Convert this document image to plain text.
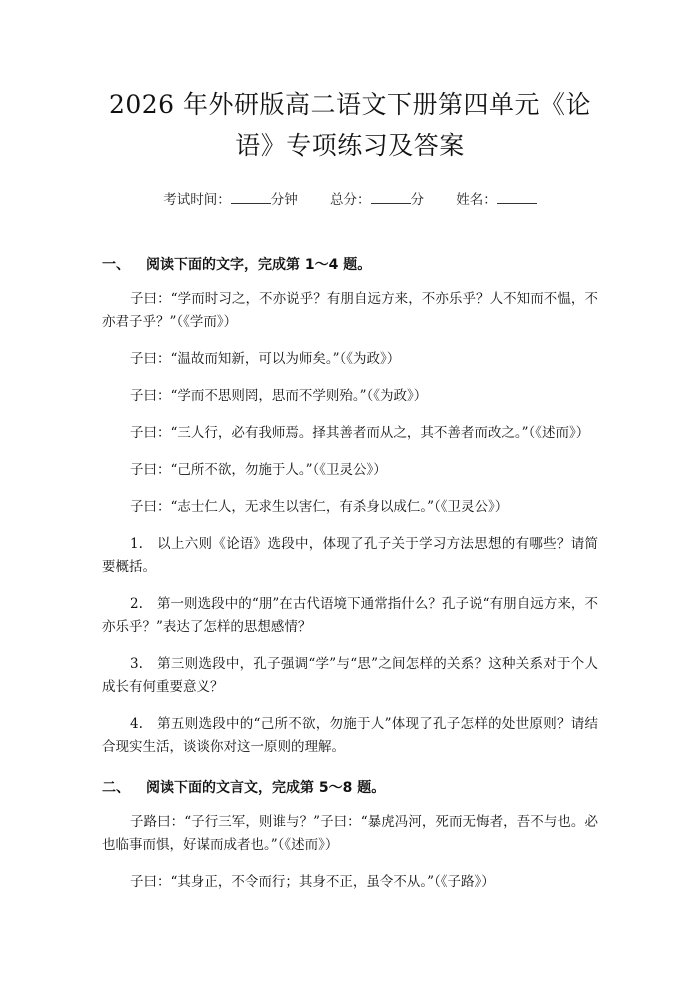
2026 年外研版高二语文下册第四单元《论语》专项练习及答案
考试时间：	分钟 总分：	分 姓名：
一、 阅读下面的文字，完成第 1～4 题。

子曰：“学而时习之，不亦说乎？有朋自远方来，不亦乐乎？人不知而不愠，不亦君子乎？”（《学而》）

子曰：“温故而知新，可以为师矣。”（《为政》）

子曰：“学而不思则罔，思而不学则殆。”（《为政》）

子曰：“三人行，必有我师焉。择其善者而从之，其不善者而改之。”（《述而》）

子曰：“己所不欲，勿施于人。”（《卫灵公》）

子曰：“志士仁人，无求生以害仁，有杀身以成仁。”（《卫灵公》）

1. 以上六则《论语》选段中，体现了孔子关于学习方法思想的有哪些？请简要概括。

2. 第一则选段中的“朋”在古代语境下通常指什么？孔子说“有朋自远方来，不亦乐乎？”表达了怎样的思想感情？

3. 第三则选段中，孔子强调“学”与“思”之间怎样的关系？这种关系对于个人成长有何重要意义？

4. 第五则选段中的“己所不欲，勿施于人”体现了孔子怎样的处世原则？请结合现实生活，谈谈你对这一原则的理解。

二、 阅读下面的文言文，完成第 5～8 题。

子路曰：“子行三军，则谁与？”子曰：“暴虎冯河，死而无悔者，吾不与也。必也临事而惧，好谋而成者也。”（《述而》）

子曰：“其身正，不令而行；其身不正，虽令不从。”（《子路》）
